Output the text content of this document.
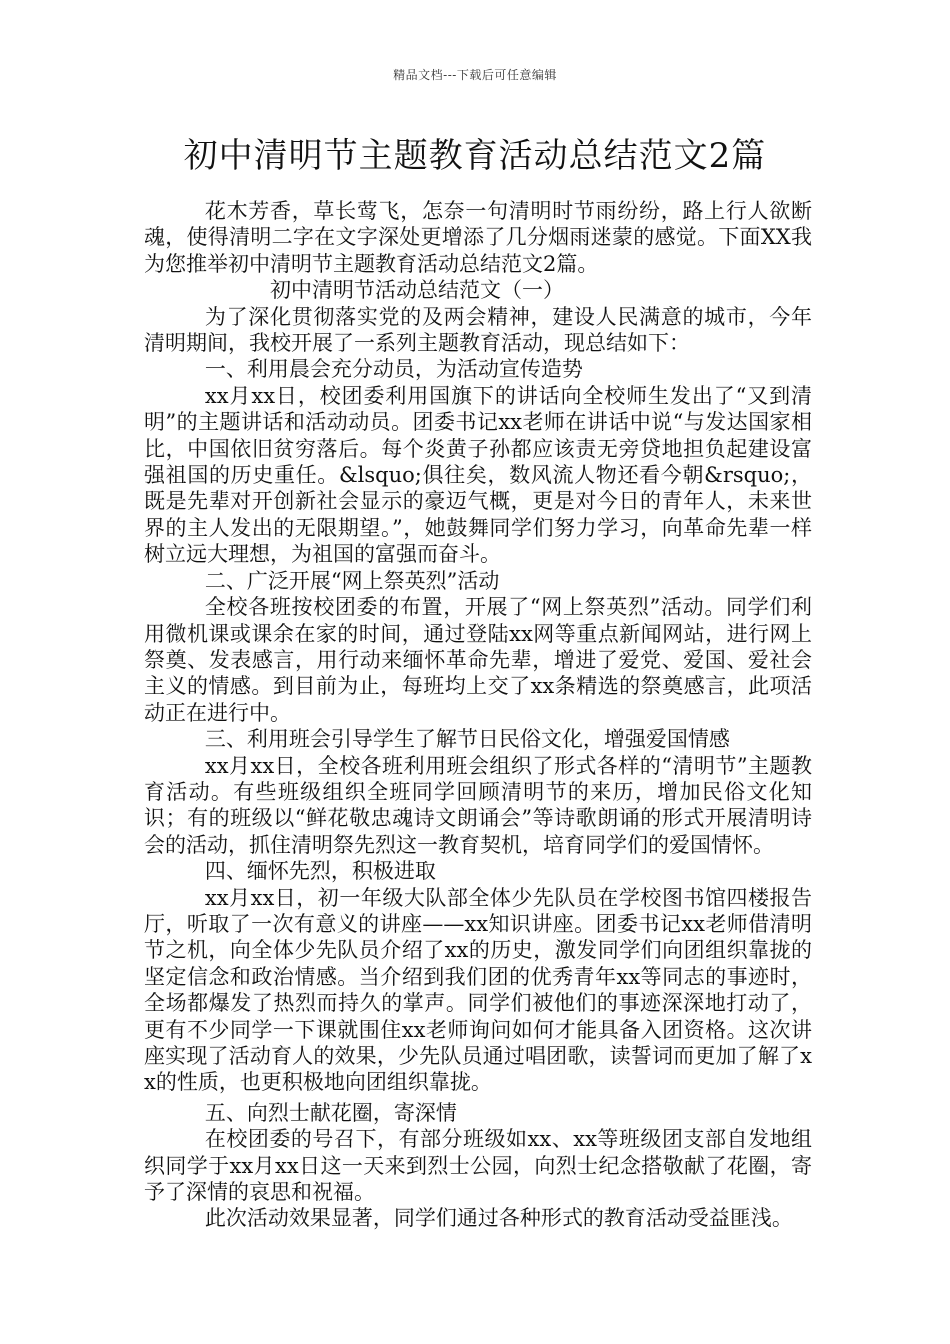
精品文档---下载后可任意编辑
初中清明节主题教育活动总结范文2篇

花木芳香，草长莺飞，怎奈一句清明时节雨纷纷，路上行人欲断魂，使得清明二字在文字深处更增添了几分烟雨迷蒙的感觉。下面XX我为您推举初中清明节主题教育活动总结范文2篇。

初中清明节活动总结范文（一）

为了深化贯彻落实党的及两会精神，建设人民满意的城市，今年清明期间，我校开展了一系列主题教育活动，现总结如下：

一、利用晨会充分动员，为活动宣传造势

xx月xx日，校团委利用国旗下的讲话向全校师生发出了“又到清明”的主题讲话和活动动员。团委书记xx老师在讲话中说“与发达国家相比，中国依旧贫穷落后。每个炎黄子孙都应该责无旁贷地担负起建设富强祖国的历史重任。&lsquo;俱往矣，数风流人物还看今朝&rsquo;，既是先辈对开创新社会显示的豪迈气概，更是对今日的青年人，未来世界的主人发出的无限期望。”，她鼓舞同学们努力学习，向革命先辈一样树立远大理想，为祖国的富强而奋斗。

二、广泛开展“网上祭英烈”活动

全校各班按校团委的布置，开展了“网上祭英烈”活动。同学们利用微机课或课余在家的时间，通过登陆xx网等重点新闻网站，进行网上祭奠、发表感言，用行动来缅怀革命先辈，增进了爱党、爱国、爱社会主义的情感。到目前为止，每班均上交了xx条精选的祭奠感言，此项活动正在进行中。

三、利用班会引导学生了解节日民俗文化，增强爱国情感

xx月xx日，全校各班利用班会组织了形式各样的“清明节”主题教育活动。有些班级组织全班同学回顾清明节的来历，增加民俗文化知识；有的班级以“鲜花敬忠魂诗文朗诵会”等诗歌朗诵的形式开展清明诗会的活动，抓住清明祭先烈这一教育契机，培育同学们的爱国情怀。

四、缅怀先烈，积极进取

xx月xx日，初一年级大队部全体少先队员在学校图书馆四楼报告厅，听取了一次有意义的讲座——xx知识讲座。团委书记xx老师借清明节之机，向全体少先队员介绍了xx的历史，激发同学们向团组织靠拢的坚定信念和政治情感。当介绍到我们团的优秀青年xx等同志的事迹时，全场都爆发了热烈而持久的掌声。同学们被他们的事迹深深地打动了，更有不少同学一下课就围住xx老师询问如何才能具备入团资格。这次讲座实现了活动育人的效果，少先队员通过唱团歌，读誓词而更加了解了xx的性质，也更积极地向团组织靠拢。

五、向烈士献花圈，寄深情

在校团委的号召下，有部分班级如xx、xx等班级团支部自发地组织同学于xx月xx日这一天来到烈士公园，向烈士纪念搭敬献了花圈，寄予了深情的哀思和祝福。

此次活动效果显著，同学们通过各种形式的教育活动受益匪浅。
